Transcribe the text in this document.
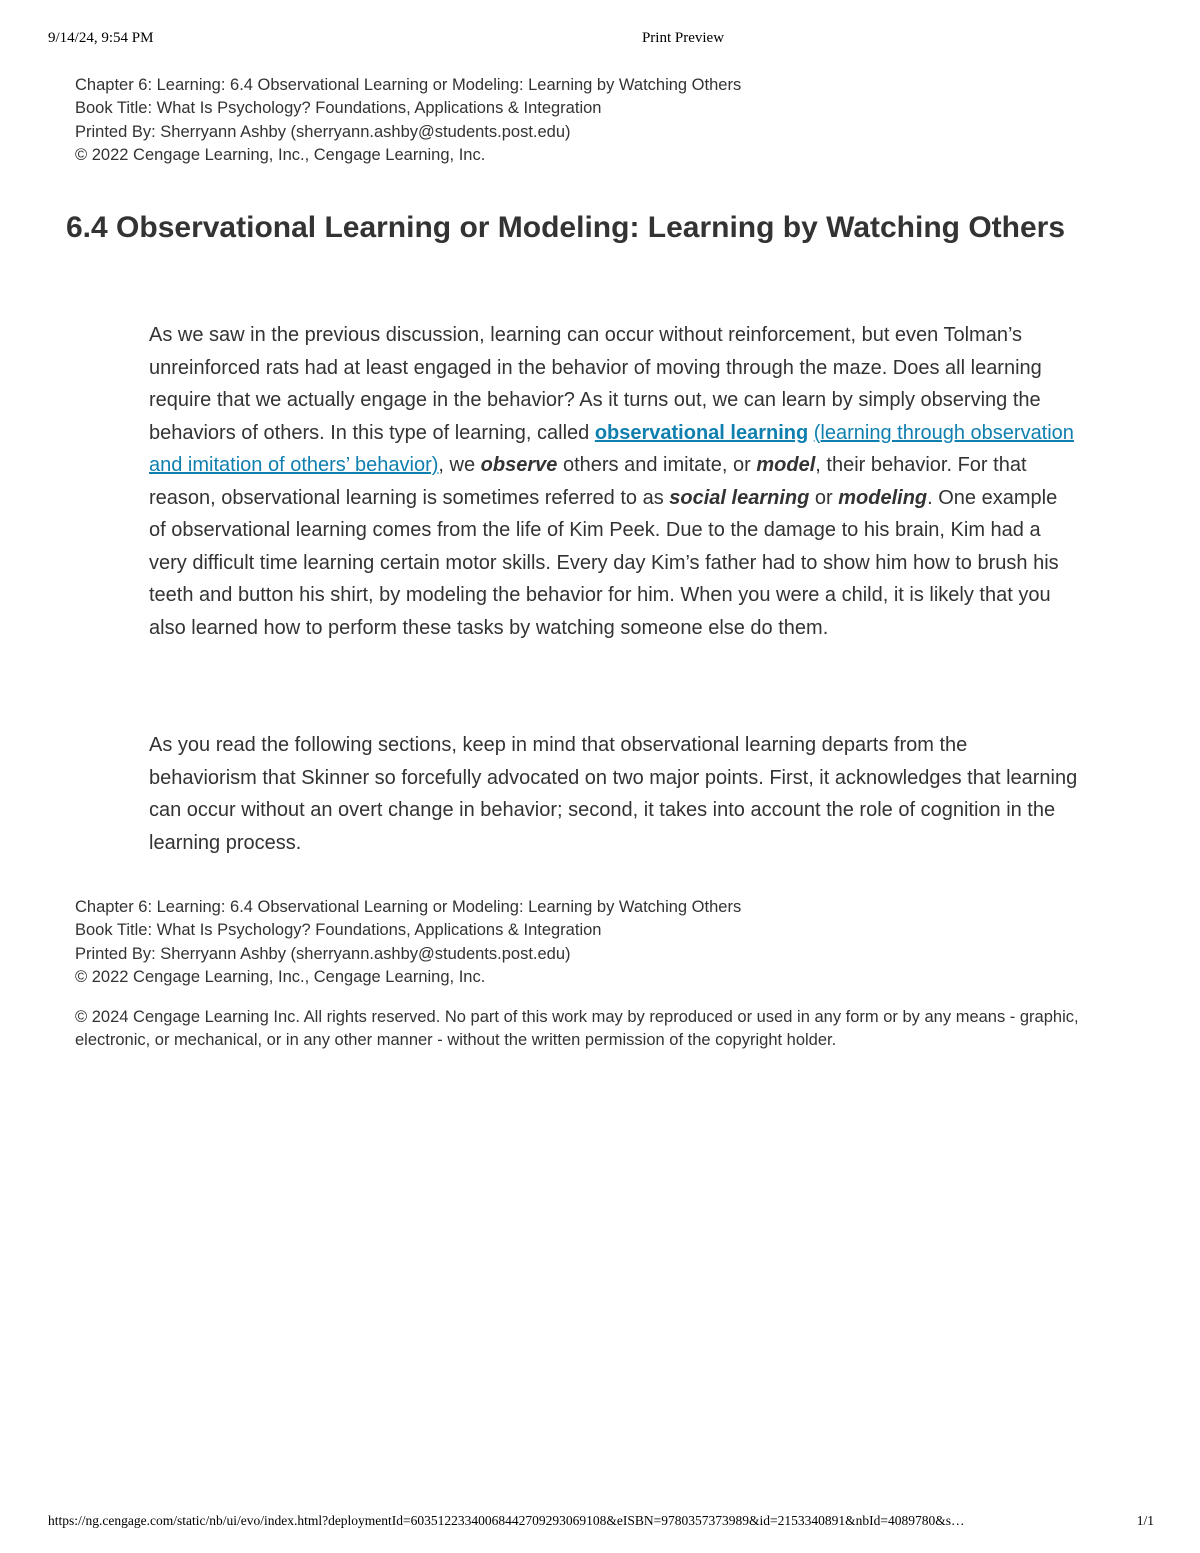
9/14/24, 9:54 PM	Print Preview
Chapter 6: Learning: 6.4 Observational Learning or Modeling: Learning by Watching Others
Book Title: What Is Psychology? Foundations, Applications & Integration
Printed By: Sherryann Ashby (sherryann.ashby@students.post.edu)
© 2022 Cengage Learning, Inc., Cengage Learning, Inc.
6.4 Observational Learning or Modeling: Learning by Watching Others

As we saw in the previous discussion, learning can occur without reinforcement, but even Tolman’s unreinforced rats had at least engaged in the behavior of moving through the maze. Does all learning require that we actually engage in the behavior? As it turns out, we can learn by simply observing the behaviors of others. In this type of learning, called observational learning (learning through observation and imitation of others’ behavior), we observe others and imitate, or model, their behavior. For that reason, observational learning is sometimes referred to as social learning or modeling. One example of observational learning comes from the life of Kim Peek. Due to the damage to his brain, Kim had a very difficult time learning certain motor skills. Every day Kim’s father had to show him how to brush his teeth and button his shirt, by modeling the behavior for him. When you were a child, it is likely that you also learned how to perform these tasks by watching someone else do them.

As you read the following sections, keep in mind that observational learning departs from the behaviorism that Skinner so forcefully advocated on two major points. First, it acknowledges that learning can occur without an overt change in behavior; second, it takes into account the role of cognition in the learning process.

Chapter 6: Learning: 6.4 Observational Learning or Modeling: Learning by Watching Others
Book Title: What Is Psychology? Foundations, Applications & Integration
Printed By: Sherryann Ashby (sherryann.ashby@students.post.edu)
© 2022 Cengage Learning, Inc., Cengage Learning, Inc.

© 2024 Cengage Learning Inc. All rights reserved. No part of this work may by reproduced or used in any form or by any means - graphic, electronic, or mechanical, or in any other manner - without the written permission of the copyright holder.

https://ng.cengage.com/static/nb/ui/evo/index.html?deploymentId=60351223340068442709293069108&eISBN=9780357373989&id=2153340891&nbId=4089780&s…	1/1
